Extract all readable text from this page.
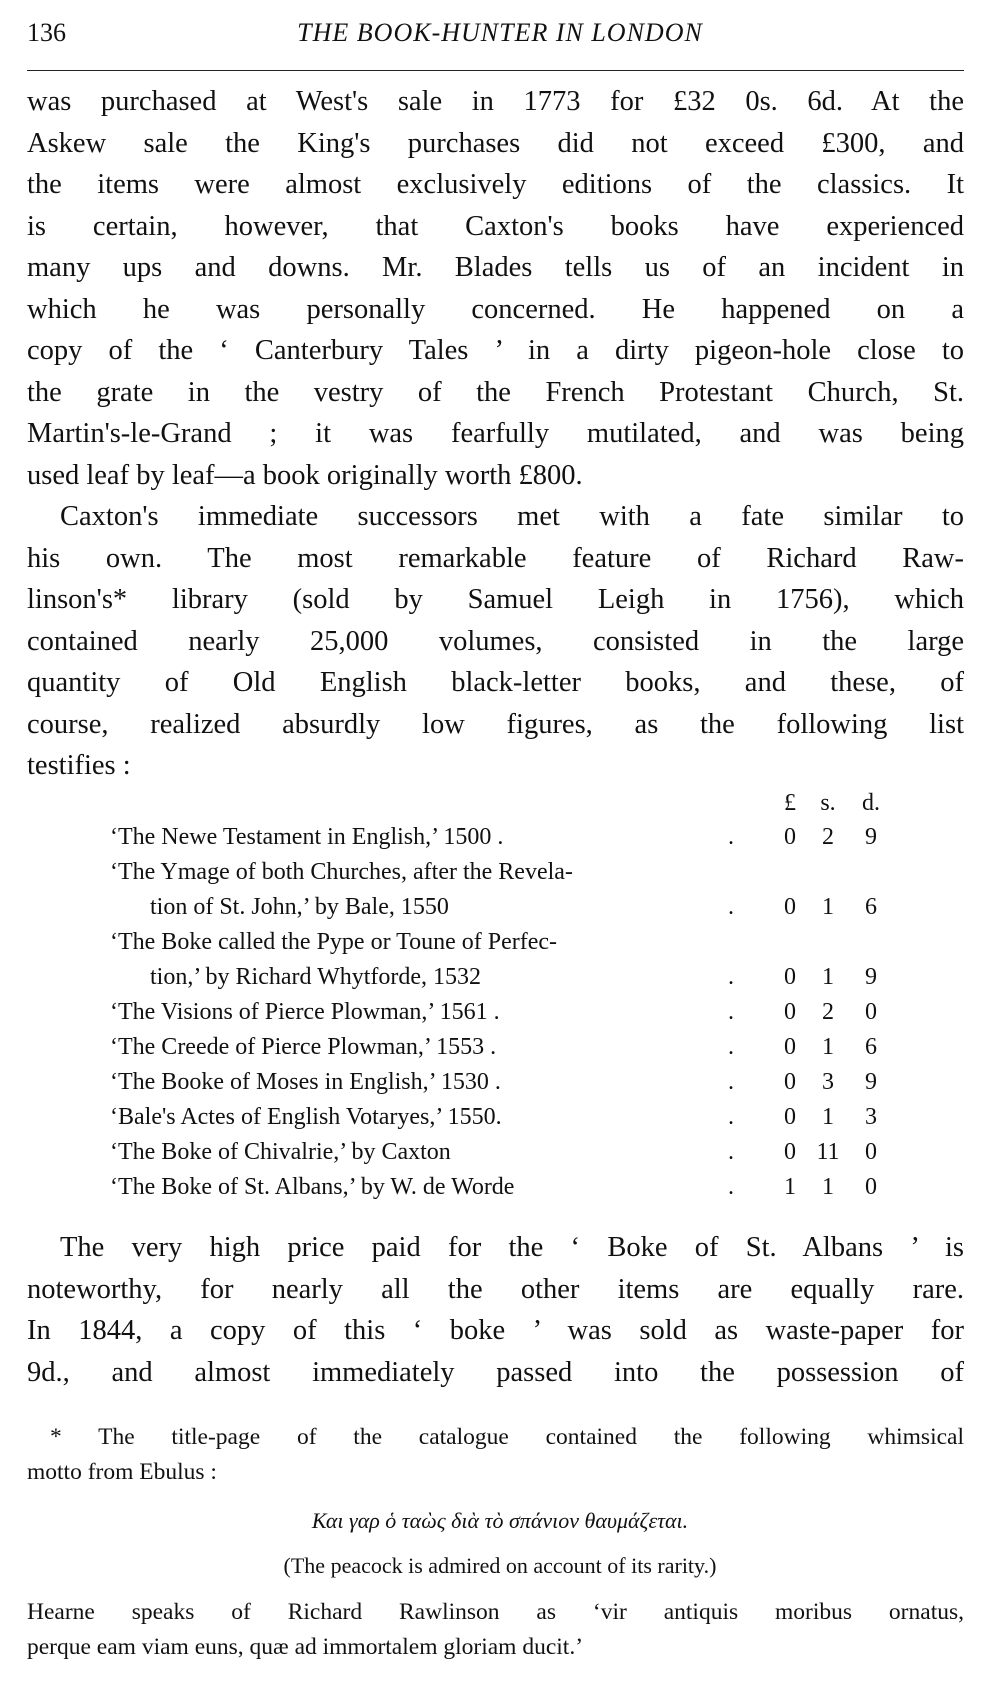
136	THE BOOK-HUNTER IN LONDON
was purchased at West's sale in 1773 for £32 0s. 6d. At the
Askew sale the King's purchases did not exceed £300, and
the items were almost exclusively editions of the classics. It
is certain, however, that Caxton's books have experienced
many ups and downs. Mr. Blades tells us of an incident in
which he was personally concerned. He happened on a
copy of the ‘ Canterbury Tales ’ in a dirty pigeon-hole close to
the grate in the vestry of the French Protestant Church, St.
Martin's-le-Grand ; it was fearfully mutilated, and was being
used leaf by leaf—a book originally worth £800.
Caxton's immediate successors met with a fate similar to
his own. The most remarkable feature of Richard Raw-
linson's* library (sold by Samuel Leigh in 1756), which
contained nearly 25,000 volumes, consisted in the large
quantity of Old English black-letter books, and these, of
course, realized absurdly low figures, as the following list
testifies :
£ s. d.
‘The Newe Testament in English,’ 1500 .	0 2 9
.
‘The Ymage of both Churches, after the Revela-
tion of St. John,’ by Bale, 1550	0 1 6
.
‘The Boke called the Pype or Toune of Perfec-
tion,’ by Richard Whytforde, 1532	0 1 9
.
‘The Visions of Pierce Plowman,’ 1561 .	0 2 0
.
‘The Creede of Pierce Plowman,’ 1553 .	0 1 6
.
‘The Booke of Moses in English,’ 1530 .	0 3 9
.
‘Bale's Actes of English Votaryes,’ 1550.	0 1 3
.
‘The Boke of Chivalrie,’ by Caxton	0 11 0
.
‘The Boke of St. Albans,’ by W. de Worde	1 1 0
.
The very high price paid for the ‘ Boke of St. Albans ’ is
noteworthy, for nearly all the other items are equally rare.
In 1844, a copy of this ‘ boke ’ was sold as waste-paper for
9d., and almost immediately passed into the possession of
* The title-page of the catalogue contained the following whimsical
motto from Ebulus :
Και γαρ ὁ ταὼς διὰ τὸ σπάνιον θαυμάζεται.
(The peacock is admired on account of its rarity.)
Hearne speaks of Richard Rawlinson as ‘vir antiquis moribus ornatus,
perque eam viam euns, quæ ad immortalem gloriam ducit.’
